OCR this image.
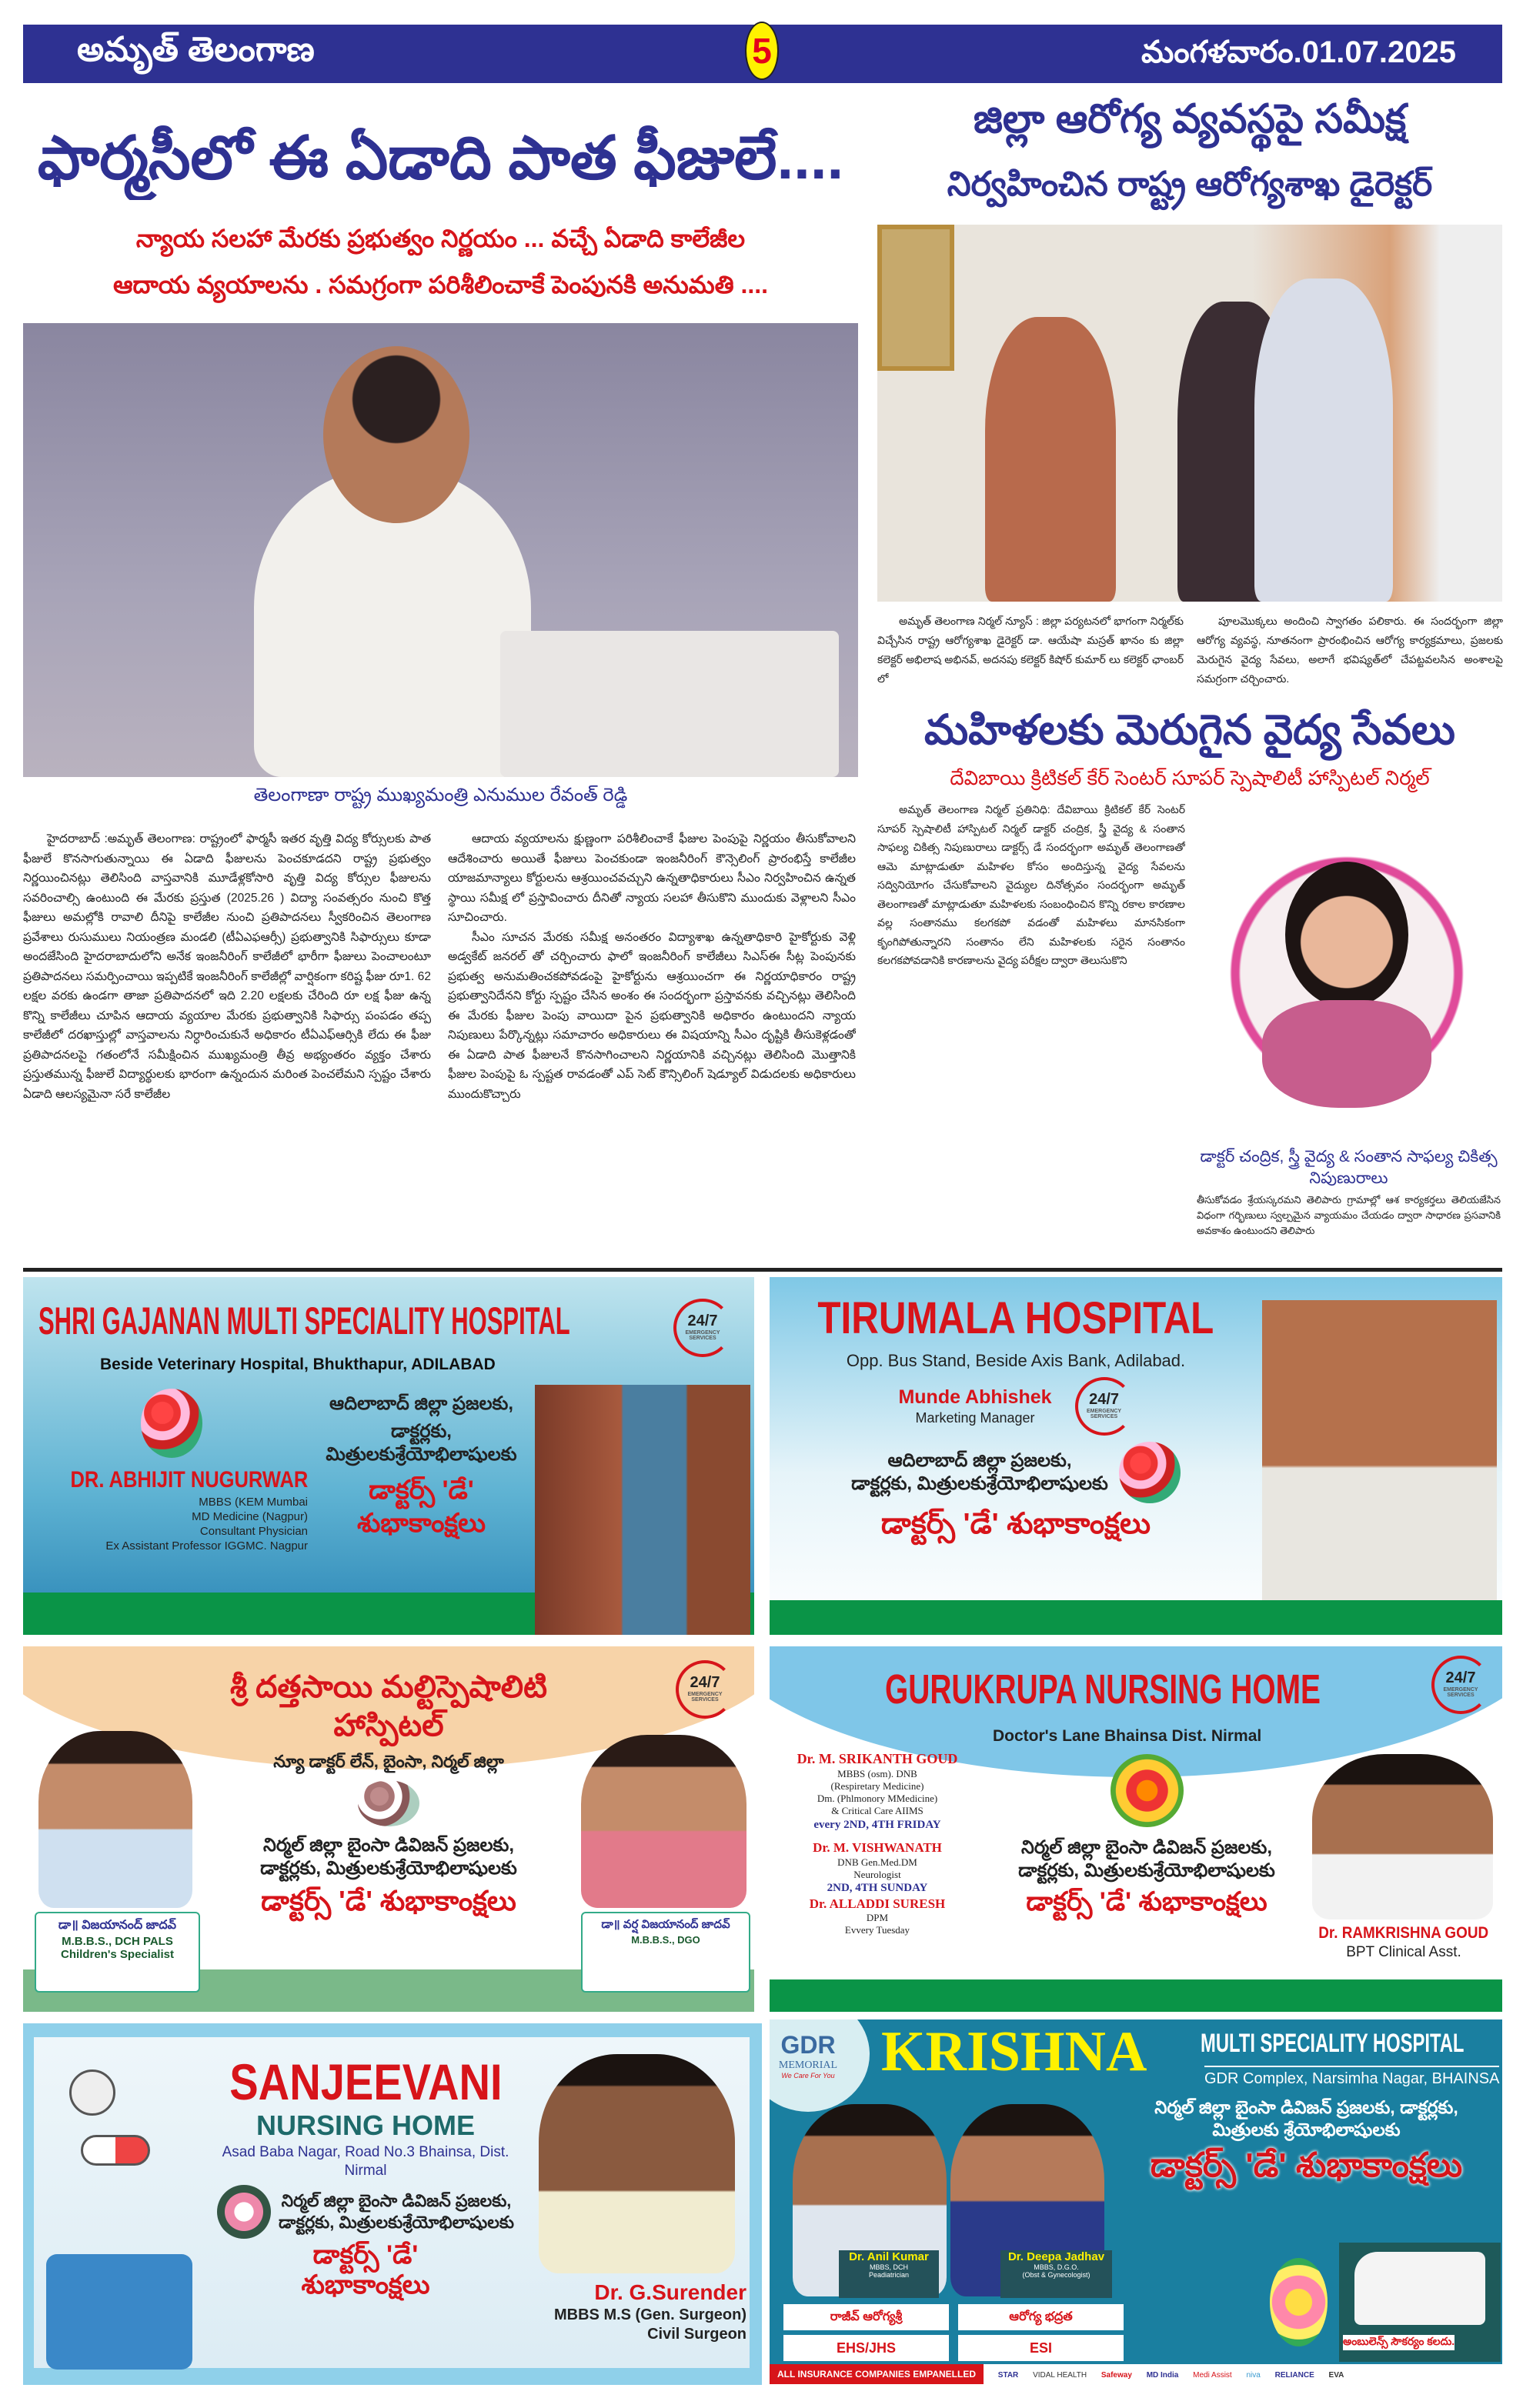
అమృత్ తెలంగాణ	5	మంగళవారం.01.07.2025
ఫార్మసీలో ఈ ఏడాది పాత ఫీజులే....
న్యాయ సలహా మేరకు ప్రభుత్వం నిర్ణయం ... వచ్చే ఏడాది కాలేజీల
ఆదాయ వ్యయాలను . సమగ్రంగా పరిశీలించాకే పెంపునకి అనుమతి ....
తెలంగాణా రాష్ట్ర ముఖ్యమంత్రి ఎనుముల రేవంత్ రెడ్డి

హైదరాబాద్ :అమృత్ తెలంగాణ: రాష్ట్రంలో ఫార్మసీ ఇతర వృత్తి విద్య కోర్సులకు పాత ఫీజులే కొనసాగుతున్నాయి ఈ ఏడాది ఫీజులను పెంచకూడదని రాష్ట్ర ప్రభుత్వం నిర్ణయించినట్లు తెలిసింది వాస్తవానికి మూడేళ్లకోసారి వృత్తి విద్య కోర్సుల ఫీజులను సవరించాల్సి ఉంటుంది ఈ మేరకు ప్రస్తుత (2025.26 ) విద్యా సంవత్సరం నుంచి కొత్త ఫీజులు అమల్లోకి రావాలి దీనిపై కాలేజీల నుంచి ప్రతిపాదనలు స్వీకరించిన తెలంగాణ ప్రవేశాలు రుసుములు నియంత్రణ మండలి (టీఏఎఫఆర్సీ) ప్రభుత్వానికి సిఫార్సులు కూడా అందజేసింది హైదరాబాదులోని అనేక ఇంజనీరింగ్ కాలేజీలో భారీగా ఫీజులు పెంచాలంటూ ప్రతిపాదనలు సమర్పించాయి ఇప్పటికే ఇంజనీరింగ్ కాలేజీల్లో వార్షికంగా కరిష్ట ఫీజు రూ1. 62 లక్షల వరకు ఉండగా తాజా ప్రతిపాదనలో ఇది 2.20 లక్షలకు చేరింది రూ లక్ష ఫీజు ఉన్న కొన్ని కాలేజీలు చూపిన ఆదాయ వ్యయాల మేరకు ప్రభుత్వానికి సిఫార్సు పంపడం తప్ప కాలేజీలో దరఖాస్తుల్లో వాస్తవాలను నిర్ధారించుకునే అధికారం టీఏఎఫ్ఆర్సికి లేదు ఈ ఫీజు ప్రతిపాదనలపై గతంలోనే సమీక్షించిన ముఖ్యమంత్రి తీవ్ర అభ్యంతరం వ్యక్తం చేశారు ప్రస్తుతమున్న ఫీజులే విద్యార్థులకు భారంగా ఉన్నందున మరింత పెంచలేమని స్పష్టం చేశారు ఏడాది ఆలస్యమైనా సరే కాలేజీల

ఆదాయ వ్యయాలను క్షుణ్ణంగా పరిశీలించాకే ఫీజుల పెంపుపై నిర్ణయం తీసుకోవాలని ఆదేశించారు అయితే ఫీజులు పెంచకుండా ఇంజనీరింగ్ కౌన్సెలింగ్ ప్రారంభిస్తే కాలేజీల యాజమాన్యాలు కోర్టులను ఆశ్రయించవచ్చుని ఉన్నతాధికారులు సీఎం నిర్వహించిన ఉన్నత స్థాయి సమీక్ష లో ప్రస్తావించారు దీనితో న్యాయ సలహా తీసుకొని ముందుకు వెళ్లాలని సీఎం సూచించారు.

సీఎం సూచన మేరకు సమీక్ష అనంతరం విద్యాశాఖ ఉన్నతాధికారి హైకోర్టుకు వెళ్లి అడ్వకేట్ జనరల్ తో చర్చించారు ఫాలో ఇంజనీరింగ్ కాలేజీలు సిఎస్ఈ సీట్ల పెంపునకు ప్రభుత్వ అనుమతించకపోవడంపై హైకోర్టును ఆశ్రయించగా ఈ నిర్ణయాధికారం రాష్ట్ర ప్రభుత్వానిదేనని కోర్టు స్పష్టం చేసిన అంశం ఈ సందర్భంగా ప్రస్తావనకు వచ్చినట్లు తెలిసింది ఈ మేరకు ఫీజుల పెంపు వాయిదా పైన ప్రభుత్వానికి అధికారం ఉంటుందని న్యాయ నిపుణులు పేర్కొన్నట్లు సమాచారం అధికారులు ఈ విషయాన్ని సీఎం దృష్టికి తీసుకెళ్లడంతో ఈ ఏడాది పాత ఫీజులనే కొనసాగించాలని నిర్ణయానికి వచ్చినట్లు తెలిసింది మొత్తానికి ఫీజుల పెంపుపై ఓ స్పష్టత రావడంతో ఎప్ సెట్ కౌన్సిలింగ్ షెడ్యూల్ విడుదలకు అధికారులు ముందుకొచ్చారు

జిల్లా ఆరోగ్య వ్యవస్థపై సమీక్ష
నిర్వహించిన రాష్ట్ర ఆరోగ్యశాఖ డైరెక్టర్

అమృత్ తెలంగాణ నిర్మల్ న్యూస్ : జిల్లా పర్యటనలో భాగంగా నిర్మల్‌కు విచ్చేసిన రాష్ట్ర ఆరోగ్యశాఖ డైరెక్టర్ డా. ఆయేషా మస్రత్ ఖానం కు జిల్లా కలెక్టర్ అభిలాష అభినవ్, అదనపు కలెక్టర్ కిషోర్ కుమార్ లు కలెక్టర్ ఛాంబర్ లో

పూలమొక్కలు అందించి స్వాగతం పలికారు. ఈ సందర్భంగా జిల్లా ఆరోగ్య వ్యవస్థ, నూతనంగా ప్రారంభించిన ఆరోగ్య కార్యక్రమాలు, ప్రజలకు మెరుగైన వైద్య సేవలు, అలాగే భవిష్యత్‌లో చేపట్టవలసిన అంశాలపై సమగ్రంగా చర్చించారు.

మహిళలకు మెరుగైన వైద్య సేవలు
దేవిబాయి క్రిటికల్ కేర్ సెంటర్ సూపర్ స్పెషాలిటీ హాస్పిటల్ నిర్మల్

అమృత్ తెలంగాణ నిర్మల్ ప్రతినిధి: దేవిబాయి క్రిటికల్ కేర్ సెంటర్ సూపర్ స్పెషాలిటీ హాస్పిటల్ నిర్మల్ డాక్టర్ చంద్రిక, స్త్రీ వైద్య & సంతాన సాఫల్య చికిత్స నిపుణురాలు డాక్టర్స్ డే సందర్భంగా అమృత్ తెలంగాణతో ఆమె మాట్లాడుతూ మహిళల కోసం అందిస్తున్న వైద్య సేవలను సద్వినియోగం చేసుకోవాలని వైద్యుల దినోత్సవం సందర్భంగా అమృత్ తెలంగాణతో మాట్లాడుతూ మహిళలకు సంబంధించిన కొన్ని రకాల కారణాల వల్ల సంతానము కలగకపో వడంతో మహిళలు మానసికంగా కృంగిపోతున్నారని సంతానం లేని మహిళలకు సరైన సంతానం కలగకపోవడానికి కారణాలను వైద్య పరీక్షల ద్వారా తెలుసుకొని

డాక్టర్ చంద్రిక, స్త్రీ వైద్య & సంతాన సాఫల్య చికిత్స నిపుణురాలు

తీసుకోవడం శ్రేయస్కరమని తెలిపారు గ్రామాల్లో ఆశ కార్యకర్తలు తెలియజేసిన విధంగా గర్భిణులు స్వల్పమైన వ్యాయమం చేయడం ద్వారా సాధారణ ప్రసవానికి అవకాశం ఉంటుందని తెలిపారు

SHRI GAJANAN MULTI SPECIALITY HOSPITAL	24/7
EMERGENCY SERVICES
Beside Veterinary Hospital, Bhukthapur, ADILABAD
DR. ABHIJIT NUGURWAR
MBBS (KEM Mumbai
MD Medicine (Nagpur)
Consultant Physician
Ex Assistant Professor IGGMC. Nagpur
ఆదిలాబాద్ జిల్లా ప్రజలకు,
డాక్టర్లకు, మిత్రులకుశ్రేయోభిలాషులకు
డాక్టర్స్ 'డే'
శుభాకాంక్షలు
TIRUMALA HOSPITAL
Opp. Bus Stand, Beside Axis Bank, Adilabad.
Munde Abhishek
Marketing Manager
24/7
EMERGENCY SERVICES
ఆదిలాబాద్ జిల్లా ప్రజలకు,
డాక్టర్లకు, మిత్రులకుశ్రేయోభిలాషులకు
డాక్టర్స్ 'డే' శుభాకాంక్షలు
24/7
EMERGENCY SERVICES
శ్రీ దత్తసాయి మల్టిస్పెషాలిటి హాస్పిటల్
న్యూ డాక్టర్ లేన్, బైంసా, నిర్మల్ జిల్లా
నిర్మల్ జిల్లా బైంసా డివిజన్ ప్రజలకు,
డాక్టర్లకు, మిత్రులకుశ్రేయోభిలాషులకు
డాక్టర్స్ 'డే' శుభాకాంక్షలు
డా॥ విజయానంద్ జాదవ్
M.B.B.S., DCH PALS
Children's Specialist
డా॥ వర్ష విజయానంద్ జాదవ్
M.B.B.S., DGO
GURUKRUPA NURSING HOME	24/7
EMERGENCY SERVICES
Doctor's Lane Bhainsa Dist. Nirmal
Dr. M. SRIKANTH GOUD
MBBS (osm). DNB
(Respiretary Medicine)
Dm. (Phlmonory MMedicine)
& Critical Care AIIMS
every 2ND, 4TH FRIDAY
Dr. M. VISHWANATH
DNB Gen.Med.DM
Neurologist
2ND, 4TH SUNDAY
Dr. ALLADDI SURESH
DPM
Evvery Tuesday
నిర్మల్ జిల్లా బైంసా డివిజన్ ప్రజలకు,
డాక్టర్లకు, మిత్రులకుశ్రేయోభిలాషులకు
డాక్టర్స్ 'డే' శుభాకాంక్షలు
Dr. RAMKRISHNA GOUD
BPT Clinical Asst.
SANJEEVANI
NURSING HOME
Asad Baba Nagar, Road No.3 Bhainsa, Dist. Nirmal
నిర్మల్ జిల్లా బైంసా డివిజన్ ప్రజలకు,
డాక్టర్లకు, మిత్రులకుశ్రేయోభిలాషులకు
డాక్టర్స్ 'డే'
శుభాకాంక్షలు	Dr. G.Surender
MBBS M.S (Gen. Surgeon)
Civil Surgeon
GDR
MEMORIAL
We Care For You KRISHNA MULTI SPECIALITY HOSPITAL
GDR Complex, Narsimha Nagar, BHAINSA
నిర్మల్ జిల్లా బైంసా డివిజన్ ప్రజలకు, డాక్టర్లకు,
మిత్రులకు శ్రేయోభిలాషులకు
డాక్టర్స్ 'డే' శుభాకాంక్షలు
Dr. Anil Kumar
MBBS, DCH
Peadiatrician
Dr. Deepa Jadhav
MBBS, D.G.O.
(Obst & Gynecologist)
రాజీవ్ ఆరోగ్యశ్రీ	ఆరోగ్య భద్రత
EHS/JHS	ESI	అంబులెన్స్ సౌకర్యం కలదు.
ALL INSURANCE COMPANIES EMPANELLED	STAR VIDAL HEALTH Safeway MD India Medi Assist niva RELIANCE EVA
